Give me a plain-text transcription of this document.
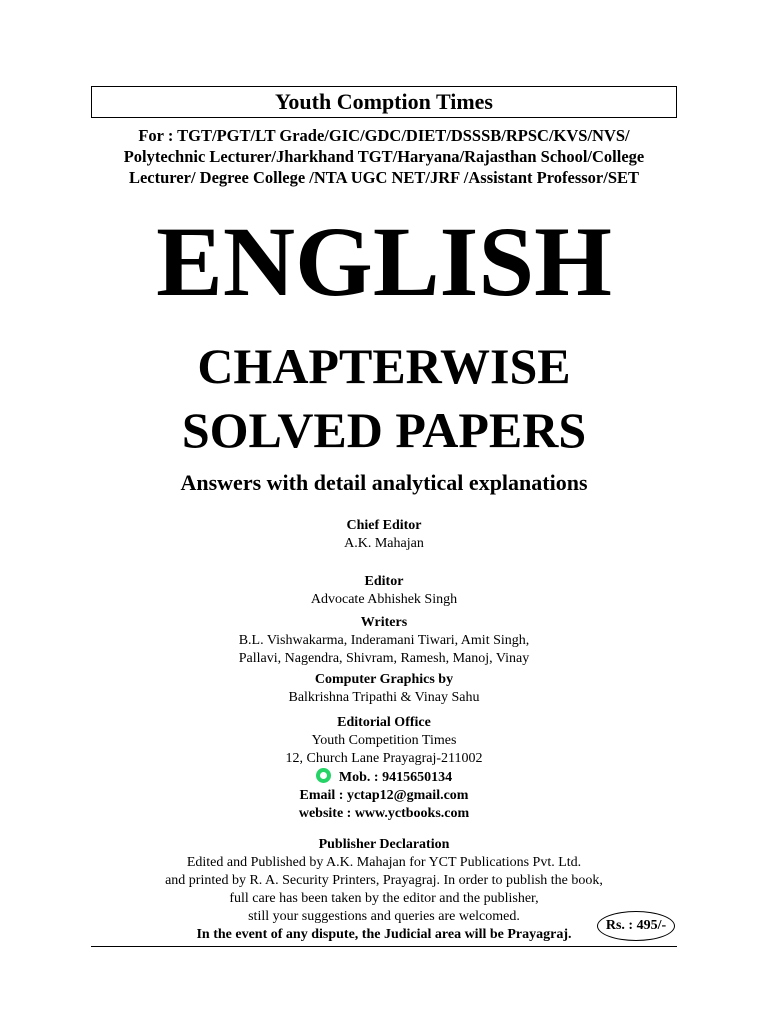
Youth Comption Times
For : TGT/PGT/LT Grade/GIC/GDC/DIET/DSSSB/RPSC/KVS/NVS/
Polytechnic Lecturer/Jharkhand TGT/Haryana/Rajasthan School/College
Lecturer/ Degree College /NTA UGC NET/JRF /Assistant Professor/SET
ENGLISH
CHAPTERWISE
SOLVED PAPERS
Answers with detail analytical explanations
Chief Editor
A.K. Mahajan
Editor
Advocate Abhishek Singh
Writers
B.L. Vishwakarma, Inderamani Tiwari, Amit Singh,
Pallavi, Nagendra, Shivram, Ramesh, Manoj, Vinay
Computer Graphics by
Balkrishna Tripathi & Vinay Sahu
Editorial Office
Youth Competition Times
12, Church Lane Prayagraj-211002
Mob. : 9415650134
Email : yctap12@gmail.com
website : www.yctbooks.com
Publisher Declaration
Edited and Published by A.K. Mahajan for YCT Publications Pvt. Ltd.
and printed by R. A. Security Printers, Prayagraj. In order to publish the book,
full care has been taken by the editor and the publisher,
still your suggestions and queries are welcomed.
In the event of any dispute, the Judicial area will be Prayagraj.
Rs. : 495/-
